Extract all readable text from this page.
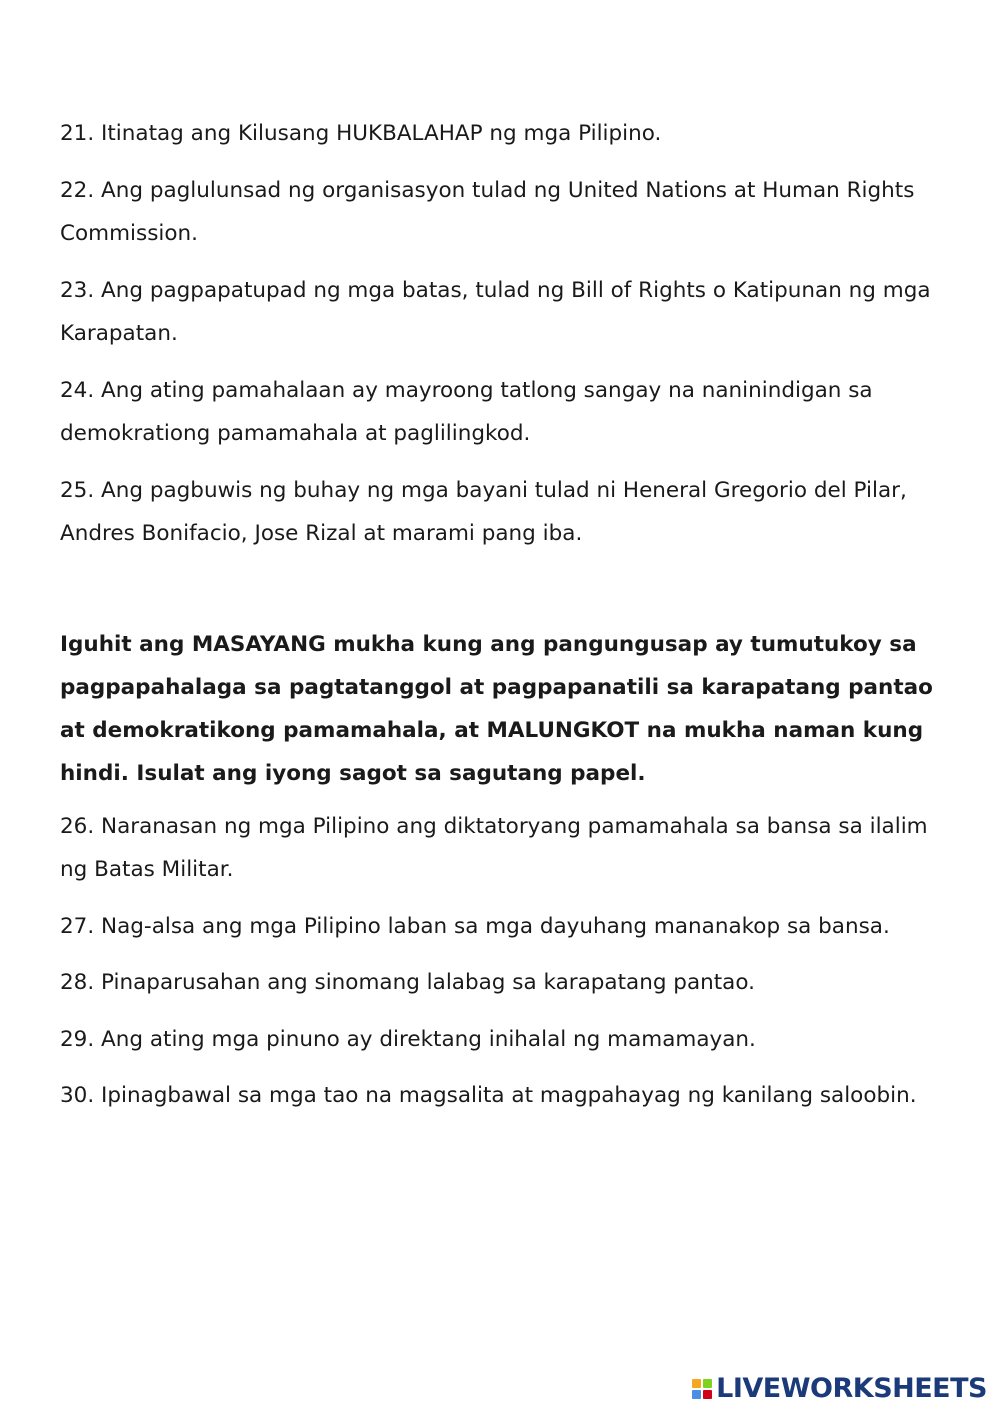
21. Itinatag ang Kilusang HUKBALAHAP ng mga Pilipino.

22. Ang paglulunsad ng organisasyon tulad ng United Nations at Human Rights Commission.

23. Ang pagpapatupad ng mga batas, tulad ng Bill of Rights o Katipunan ng mga Karapatan.

24. Ang ating pamahalaan ay mayroong tatlong sangay na naninindigan sa demokrationg pamamahala at paglilingkod.

25. Ang pagbuwis ng buhay ng mga bayani tulad ni Heneral Gregorio del Pilar, Andres Bonifacio, Jose Rizal at marami pang iba.

Iguhit ang MASAYANG mukha kung ang pangungusap ay tumutukoy sa pagpapahalaga sa pagtatanggol at pagpapanatili sa karapatang pantao at demokratikong pamamahala, at MALUNGKOT na mukha naman kung hindi. Isulat ang iyong sagot sa sagutang papel.

26. Naranasan ng mga Pilipino ang diktatoryang pamamahala sa bansa sa ilalim ng Batas Militar.

27. Nag-alsa ang mga Pilipino laban sa mga dayuhang mananakop sa bansa.

28. Pinaparusahan ang sinomang lalabag sa karapatang pantao.

29. Ang ating mga pinuno ay direktang inihalal ng mamamayan.

30. Ipinagbawal sa mga tao na magsalita at magpahayag ng kanilang saloobin.

LIVEWORKSHEETS
